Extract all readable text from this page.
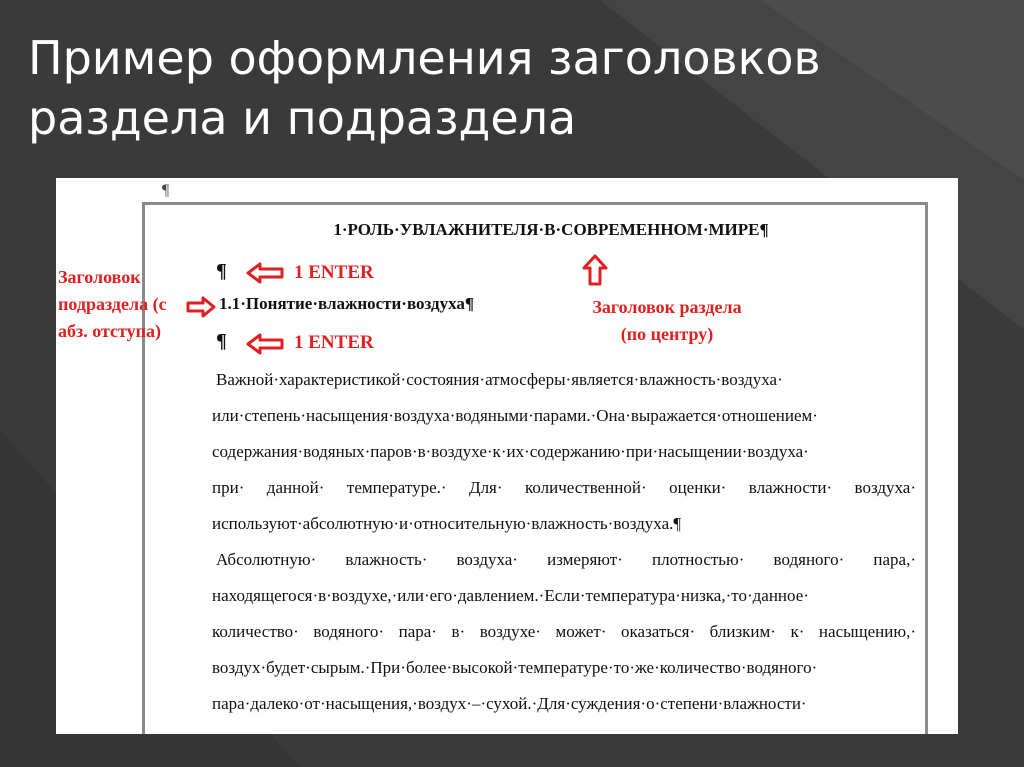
Пример оформления заголовков раздела и подраздела
¶
1·РОЛЬ·УВЛАЖНИТЕЛЯ·В·СОВРЕМЕННОМ·МИРЕ¶
¶	1 ENTER
Заголовок подраздела (с абз. отступа)
1.1·Понятие·влажности·воздуха¶	Заголовок раздела
(по центру)
¶	1 ENTER
Важной·характеристикой·состояния·атмосферы·является·влажность·воздуха·
или·степень·насыщения·воздуха·водяными·парами.·Она·выражается·отношением·
содержания·водяных·паров·в·воздухе·к·их·содержанию·при·насыщении·воздуха·
при· данной· температуре.· Для· количественной· оценки· влажности· воздуха·
используют·абсолютную·и·относительную·влажность·воздуха.¶
Абсолютную· влажность· воздуха· измеряют· плотностью· водяного· пара,·
находящегося·в·воздухе,·или·его·давлением.·Если·температура·низка,·то·данное·
количество· водяного· пара· в· воздухе· может· оказаться· близким· к· насыщению,·
воздух·будет·сырым.·При·более·высокой·температуре·то·же·количество·водяного·
пара·далеко·от·насыщения,·воздух·–·сухой.·Для·суждения·о·степени·влажности·
